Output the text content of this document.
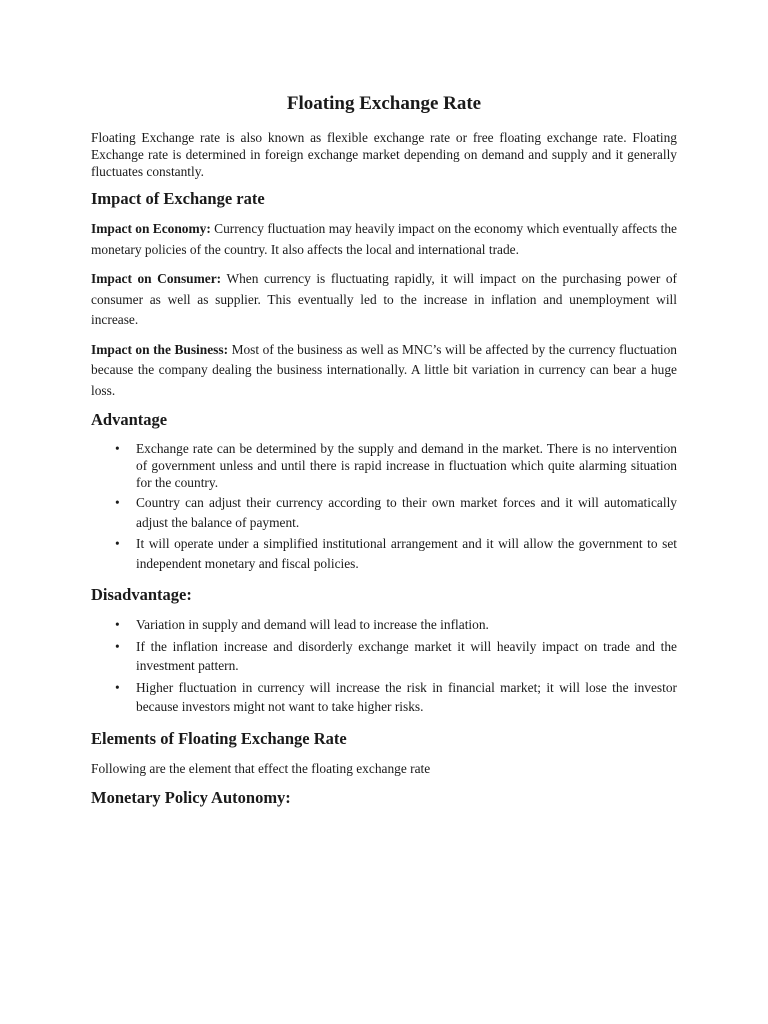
Floating Exchange Rate

Floating Exchange rate is also known as flexible exchange rate or free floating exchange rate. Floating Exchange rate is determined in foreign exchange market depending on demand and supply and it generally fluctuates constantly.

Impact of Exchange rate

Impact on Economy: Currency fluctuation may heavily impact on the economy which eventually affects the monetary policies of the country. It also affects the local and international trade.

Impact on Consumer: When currency is fluctuating rapidly, it will impact on the purchasing power of consumer as well as supplier. This eventually led to the increase in inflation and unemployment will increase.

Impact on the Business: Most of the business as well as MNC’s will be affected by the currency fluctuation because the company dealing the business internationally. A little bit variation in currency can bear a huge loss.

Advantage
• Exchange rate can be determined by the supply and demand in the market. There is no intervention of government unless and until there is rapid increase in fluctuation which quite alarming situation for the country.
• Country can adjust their currency according to their own market forces and it will automatically adjust the balance of payment.
• It will operate under a simplified institutional arrangement and it will allow the government to set independent monetary and fiscal policies.
Disadvantage:
• Variation in supply and demand will lead to increase the inflation.
• If the inflation increase and disorderly exchange market it will heavily impact on trade and the investment pattern.
• Higher fluctuation in currency will increase the risk in financial market; it will lose the investor because investors might not want to take higher risks.
Elements of Floating Exchange Rate

Following are the element that effect the floating exchange rate

Monetary Policy Autonomy:
